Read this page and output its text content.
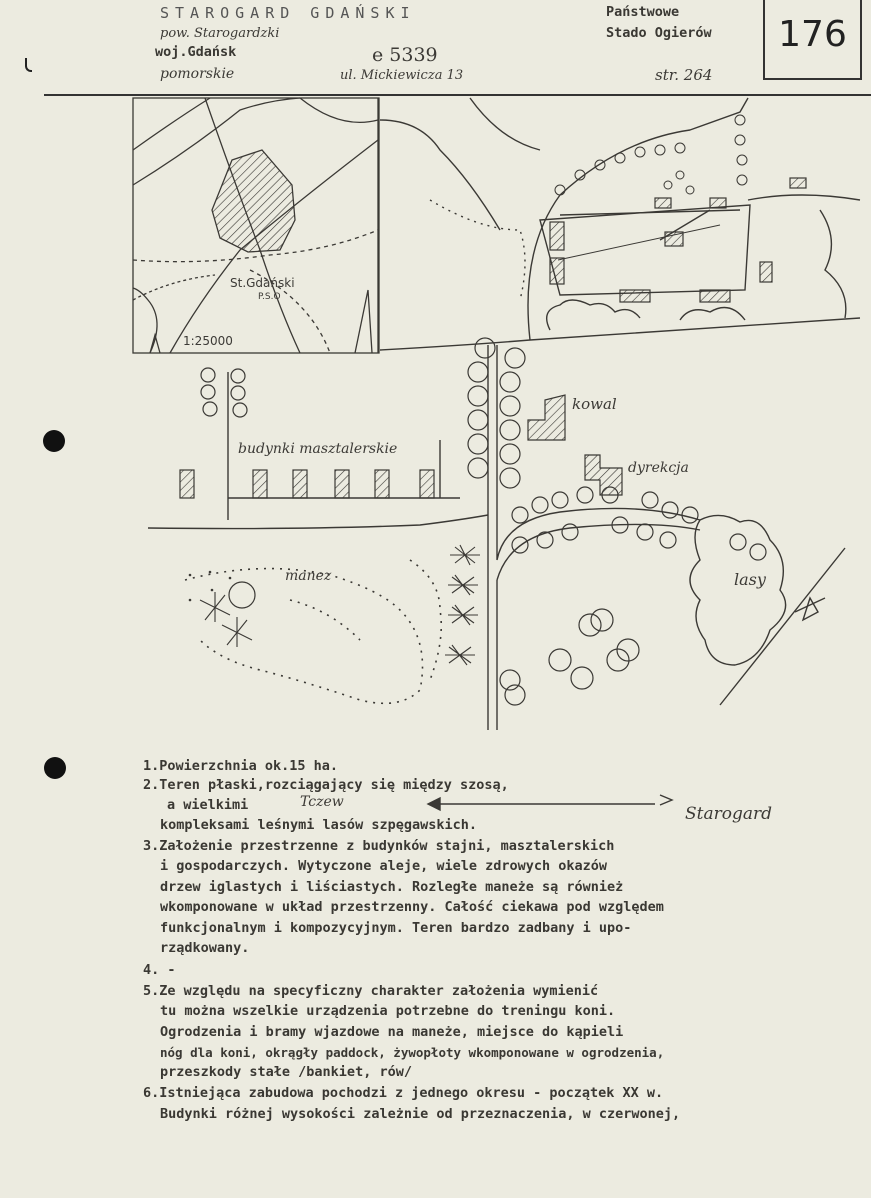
STAROGARD GDAŃSKI
pow. Starogardzki
woj.Gdańsk
pomorskie
e 5339
ul. Mickiewicza 13	str. 264
Państwowe
Stado Ogierów	176
St.Gdański
P.S.O
1:25000
kowal
dyrekcja
budynki masztalerskie
manez	lasy
1.Powierzchnia ok.15 ha.
2.Teren płaski,rozciągający się między szosą,
a wielkimi	Tczew
Starogard
kompleksami leśnymi lasów szpęgawskich.
3.Założenie przestrzenne z budynków stajni, masztalerskich
i gospodarczych. Wytyczone aleje, wiele zdrowych okazów
drzew iglastych i liściastych. Rozległe maneże są również
wkomponowane w układ przestrzenny. Całość ciekawa pod względem
funkcjonalnym i kompozycyjnym. Teren bardzo zadbany i upo-
rządkowany.
4. -
5.Ze względu na specyficzny charakter założenia wymienić
tu można wszelkie urządzenia potrzebne do treningu koni.
Ogrodzenia i bramy wjazdowe na maneże, miejsce do kąpieli
nóg dla koni, okrągły paddock, żywopłoty wkomponowane w ogrodzenia,
przeszkody stałe /bankiet, rów/
6.Istniejąca zabudowa pochodzi z jednego okresu - początek XX w.
Budynki różnej wysokości zależnie od przeznaczenia, w czerwonej,
